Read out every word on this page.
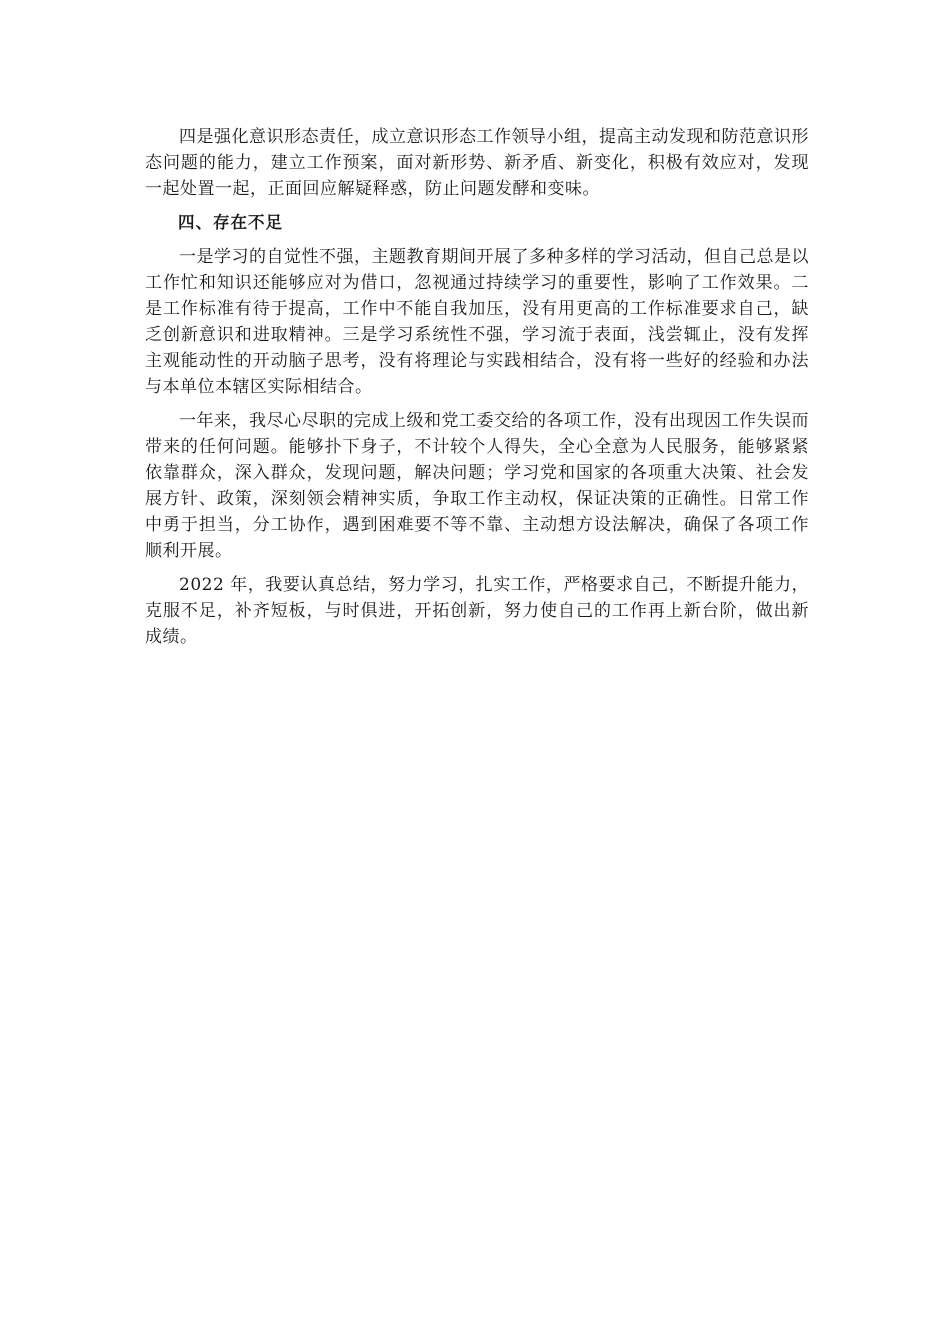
四是强化意识形态责任，成立意识形态工作领导小组，提高主动发现和防范意识形态问题的能力，建立工作预案，面对新形势、新矛盾、新变化，积极有效应对，发现一起处置一起，正面回应解疑释惑，防止问题发酵和变味。

四、存在不足

一是学习的自觉性不强，主题教育期间开展了多种多样的学习活动，但自己总是以工作忙和知识还能够应对为借口，忽视通过持续学习的重要性，影响了工作效果。二是工作标准有待于提高，工作中不能自我加压，没有用更高的工作标准要求自己，缺乏创新意识和进取精神。三是学习系统性不强，学习流于表面，浅尝辄止，没有发挥主观能动性的开动脑子思考，没有将理论与实践相结合，没有将一些好的经验和办法与本单位本辖区实际相结合。

一年来，我尽心尽职的完成上级和党工委交给的各项工作，没有出现因工作失误而带来的任何问题。能够扑下身子，不计较个人得失，全心全意为人民服务，能够紧紧依靠群众，深入群众，发现问题，解决问题；学习党和国家的各项重大决策、社会发展方针、政策，深刻领会精神实质，争取工作主动权，保证决策的正确性。日常工作中勇于担当，分工协作，遇到困难要不等不靠、主动想方设法解决，确保了各项工作顺利开展。

2022 年，我要认真总结，努力学习，扎实工作，严格要求自己，不断提升能力，克服不足，补齐短板，与时俱进，开拓创新，努力使自己的工作再上新台阶，做出新成绩。
